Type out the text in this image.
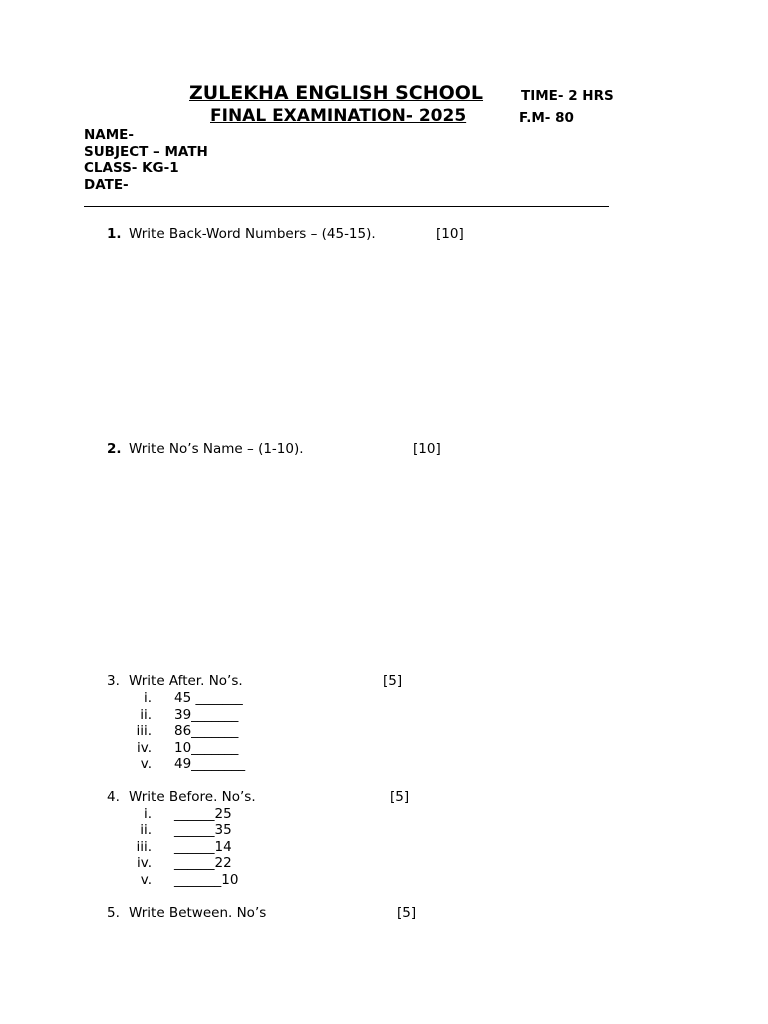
ZULEKHA ENGLISH SCHOOL
FINAL EXAMINATION- 2025
TIME- 2 HRS
F.M- 80
NAME-
SUBJECT – MATH
CLASS- KG-1
DATE-
1. Write Back-Word Numbers – (45-15).	[10]
2. Write No’s Name – (1-10).	[10]
3. Write After. No’s.	[5]
i. 45 _______
ii. 39_______
iii. 86_______
iv. 10_______
v. 49________
4. Write Before. No’s.	[5]
i. ______25
ii. ______35
iii. ______14
iv. ______22
v. _______10
5. Write Between. No’s	[5]
